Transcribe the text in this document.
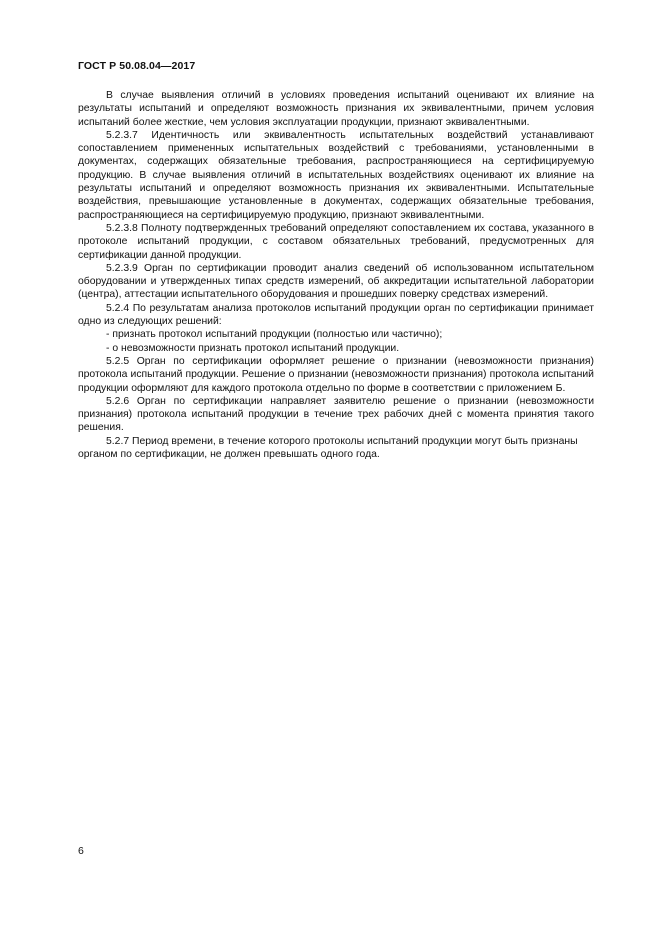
ГОСТ Р 50.08.04—2017

В случае выявления отличий в условиях проведения испытаний оценивают их влияние на результаты испытаний и определяют возможность признания их эквивалентными, причем условия испытаний более жесткие, чем условия эксплуатации продукции, признают эквивалентными.

5.2.3.7 Идентичность или эквивалентность испытательных воздействий устанавливают сопоставлением примененных испытательных воздействий с требованиями, установленными в документах, содержащих обязательные требования, распространяющиеся на сертифицируемую продукцию. В случае выявления отличий в испытательных воздействиях оценивают их влияние на результаты испытаний и определяют возможность признания их эквивалентными. Испытательные воздействия, превышающие установленные в документах, содержащих обязательные требования, распространяющиеся на сертифицируемую продукцию, признают эквивалентными.

5.2.3.8 Полноту подтвержденных требований определяют сопоставлением их состава, указанного в протоколе испытаний продукции, с составом обязательных требований, предусмотренных для сертификации данной продукции.

5.2.3.9 Орган по сертификации проводит анализ сведений об использованном испытательном оборудовании и утвержденных типах средств измерений, об аккредитации испытательной лаборатории (центра), аттестации испытательного оборудования и прошедших поверку средствах измерений.

5.2.4 По результатам анализа протоколов испытаний продукции орган по сертификации принимает одно из следующих решений:

- признать протокол испытаний продукции (полностью или частично);

- о невозможности признать протокол испытаний продукции.

5.2.5 Орган по сертификации оформляет решение о признании (невозможности признания) протокола испытаний продукции. Решение о признании (невозможности признания) протокола испытаний продукции оформляют для каждого протокола отдельно по форме в соответствии с приложением Б.

5.2.6 Орган по сертификации направляет заявителю решение о признании (невозможности признания) протокола испытаний продукции в течение трех рабочих дней с момента принятия такого решения.

5.2.7 Период времени, в течение которого протоколы испытаний продукции могут быть признаны органом по сертификации, не должен превышать одного года.

6
